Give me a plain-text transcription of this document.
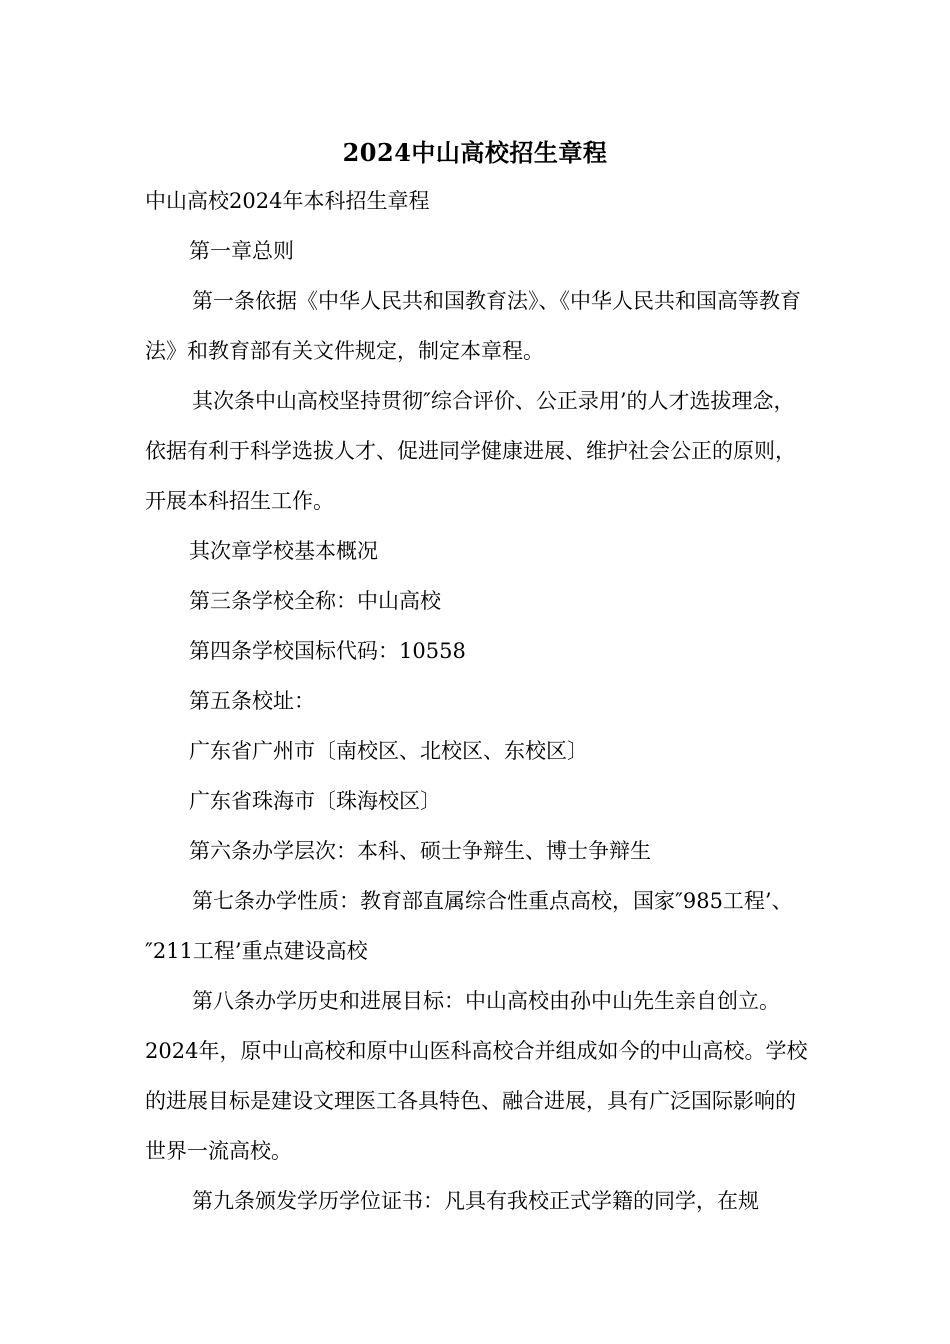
2024中山高校招生章程

中山高校2024年本科招生章程

第一章总则

第一条依据《中华人民共和国教育法》、《中华人民共和国高等教育法》和教育部有关文件规定，制定本章程。

其次条中山高校坚持贯彻″综合评价、公正录用’的人才选拔理念，依据有利于科学选拔人才、促进同学健康进展、维护社会公正的原则，开展本科招生工作。

其次章学校基本概况

第三条学校全称：中山高校

第四条学校国标代码：10558

第五条校址：

广东省广州市〔南校区、北校区、东校区〕

广东省珠海市〔珠海校区〕

第六条办学层次：本科、硕士争辩生、博士争辩生

第七条办学性质：教育部直属综合性重点高校，国家″985工程’、″211工程’重点建设高校

第八条办学历史和进展目标：中山高校由孙中山先生亲自创立。2024年，原中山高校和原中山医科高校合并组成如今的中山高校。学校的进展目标是建设文理医工各具特色、融合进展，具有广泛国际影响的世界一流高校。

第九条颁发学历学位证书：凡具有我校正式学籍的同学，在规
